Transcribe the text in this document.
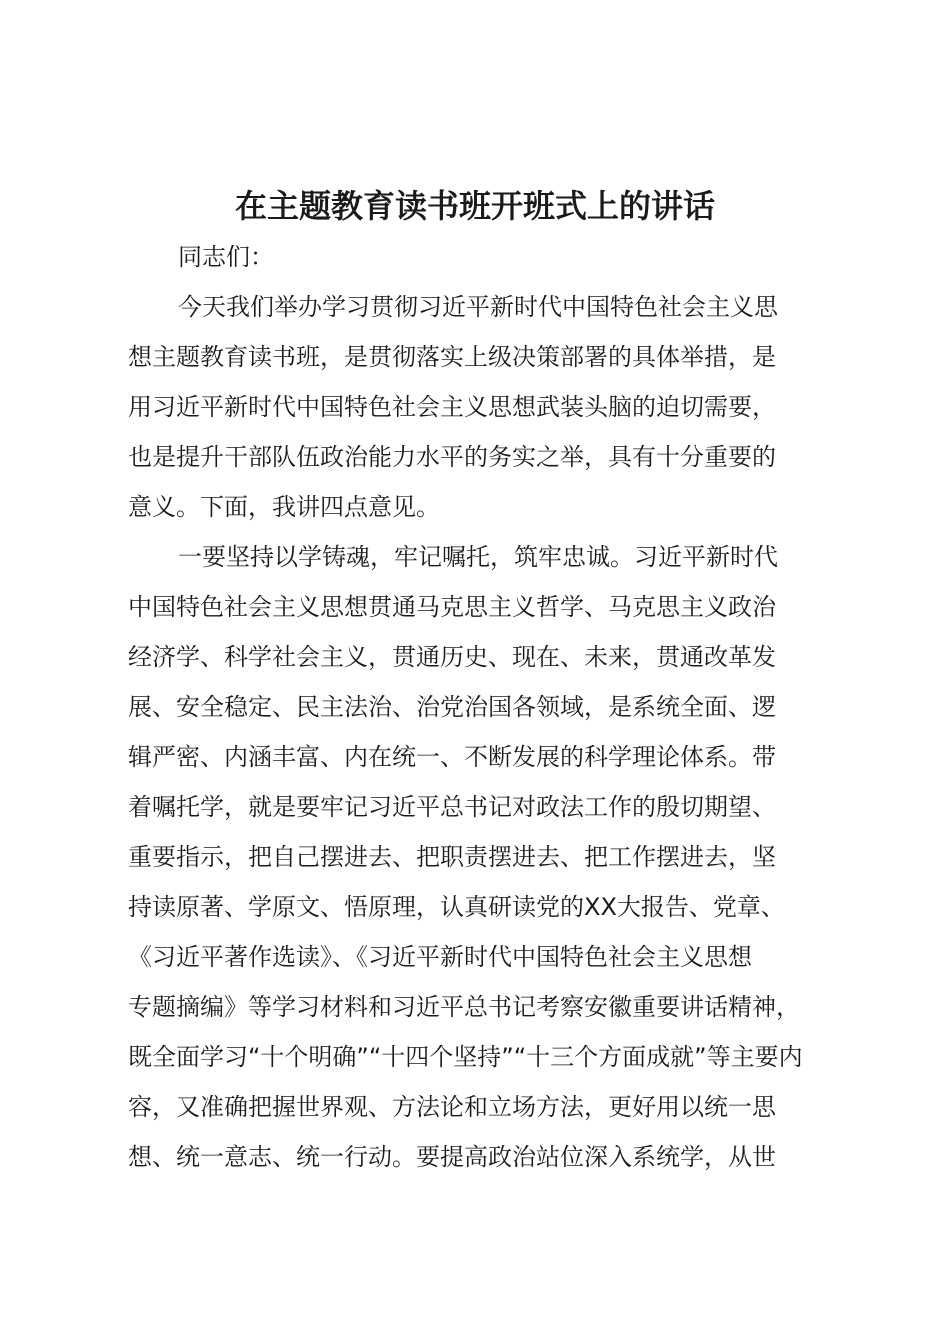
在主题教育读书班开班式上的讲话
同志们：
今天我们举办学习贯彻习近平新时代中国特色社会主义思
想主题教育读书班，是贯彻落实上级决策部署的具体举措，是
用习近平新时代中国特色社会主义思想武装头脑的迫切需要，
也是提升干部队伍政治能力水平的务实之举，具有十分重要的
意义。下面，我讲四点意见。
一要坚持以学铸魂，牢记嘱托，筑牢忠诚。习近平新时代
中国特色社会主义思想贯通马克思主义哲学、马克思主义政治
经济学、科学社会主义，贯通历史、现在、未来，贯通改革发
展、安全稳定、民主法治、治党治国各领域，是系统全面、逻
辑严密、内涵丰富、内在统一、不断发展的科学理论体系。带
着嘱托学，就是要牢记习近平总书记对政法工作的殷切期望、
重要指示，把自己摆进去、把职责摆进去、把工作摆进去，坚
持读原著、学原文、悟原理，认真研读党的XX大报告、党章、
《习近平著作选读》、《习近平新时代中国特色社会主义思想
专题摘编》等学习材料和习近平总书记考察安徽重要讲话精神，
既全面学习“十个明确”“十四个坚持”“十三个方面成就”等主要内
容，又准确把握世界观、方法论和立场方法，更好用以统一思
想、统一意志、统一行动。要提高政治站位深入系统学，从世
